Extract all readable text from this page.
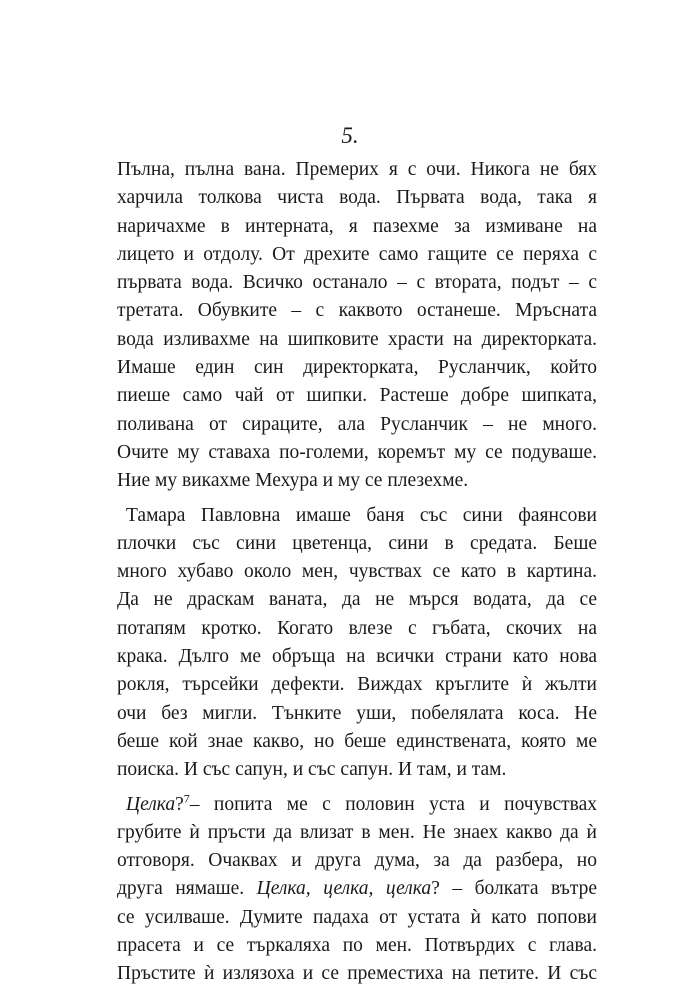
5.
Пълна, пълна вана. Премерих я с очи. Никога не бях
харчила толкова чиста вода. Първата вода, така я
наричахме в интерната, я пазехме за измиване на
лицето и отдолу. От дрехите само гащите се перяха с
първата вода. Всичко останало – с втората, подът – с
третата. Обувките – с каквото останеше. Мръсната
вода изливахме на шипковите храсти на директорката.
Имаше един син директорката, Русланчик, който
пиеше само чай от шипки. Растеше добре шипката,
поливана от сираците, ала Русланчик – не много.
Очите му ставаха по-големи, коремът му се подуваше.
Ние му викахме Мехура и му се плезехме.
Тамара Павловна имаше баня със сини фаянсови
плочки със сини цветенца, сини в средата. Беше
много хубаво около мен, чувствах се като в картина.
Да не драскам ваната, да не мърся водата, да се
потапям кротко. Когато влезе с гъбата, скочих на
крака. Дълго ме обръща на всички страни като нова
рокля, търсейки дефекти. Виждах кръглите ѝ жълти
очи без мигли. Тънките уши, побелялата коса. Не
беше кой знае какво, но беше единствената, която ме
поиска. И със сапун, и със сапун. И там, и там.
Целка?$^7$– попита ме с половин уста и почувствах
грубите ѝ пръсти да влизат в мен. Не знаех какво да ѝ
отговоря. Очаквах и друга дума, за да разбера, но
друга нямаше. Целка, целка, целка? – болката вътре
се усилваше. Думите падаха от устата ѝ като попови
прасета и се търкаляха по мен. Потвърдих с глава.
Пръстите ѝ излязоха и се преместиха на петите. И със
